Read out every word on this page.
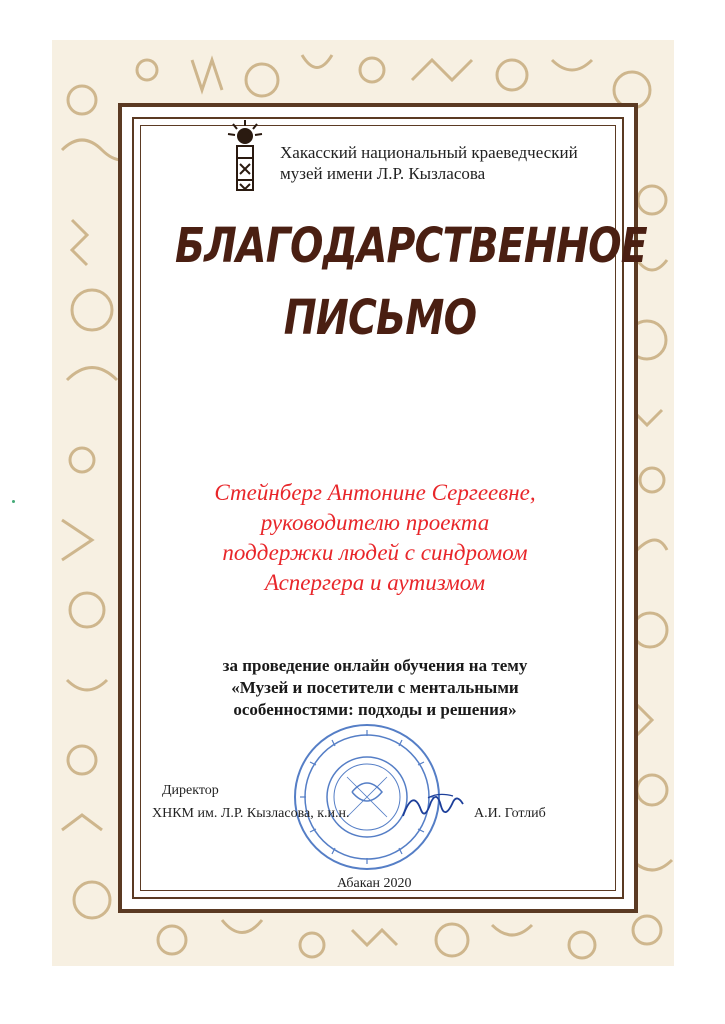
Хакасский национальный краеведческий
музей имени Л.Р. Кызласова
БЛАГОДАРСТВЕННОЕ
ПИСЬМО
Стейнберг Антонине Сергеевне,
руководителю проекта
поддержки людей с синдромом
Аспергера и аутизмом
за проведение онлайн обучения на тему
«Музей и посетители с ментальными
особенностями: подходы и решения»
Директор
ХНКМ им. Л.Р. Кызласова, к.и.н.	А.И. Готлиб
Абакан 2020
